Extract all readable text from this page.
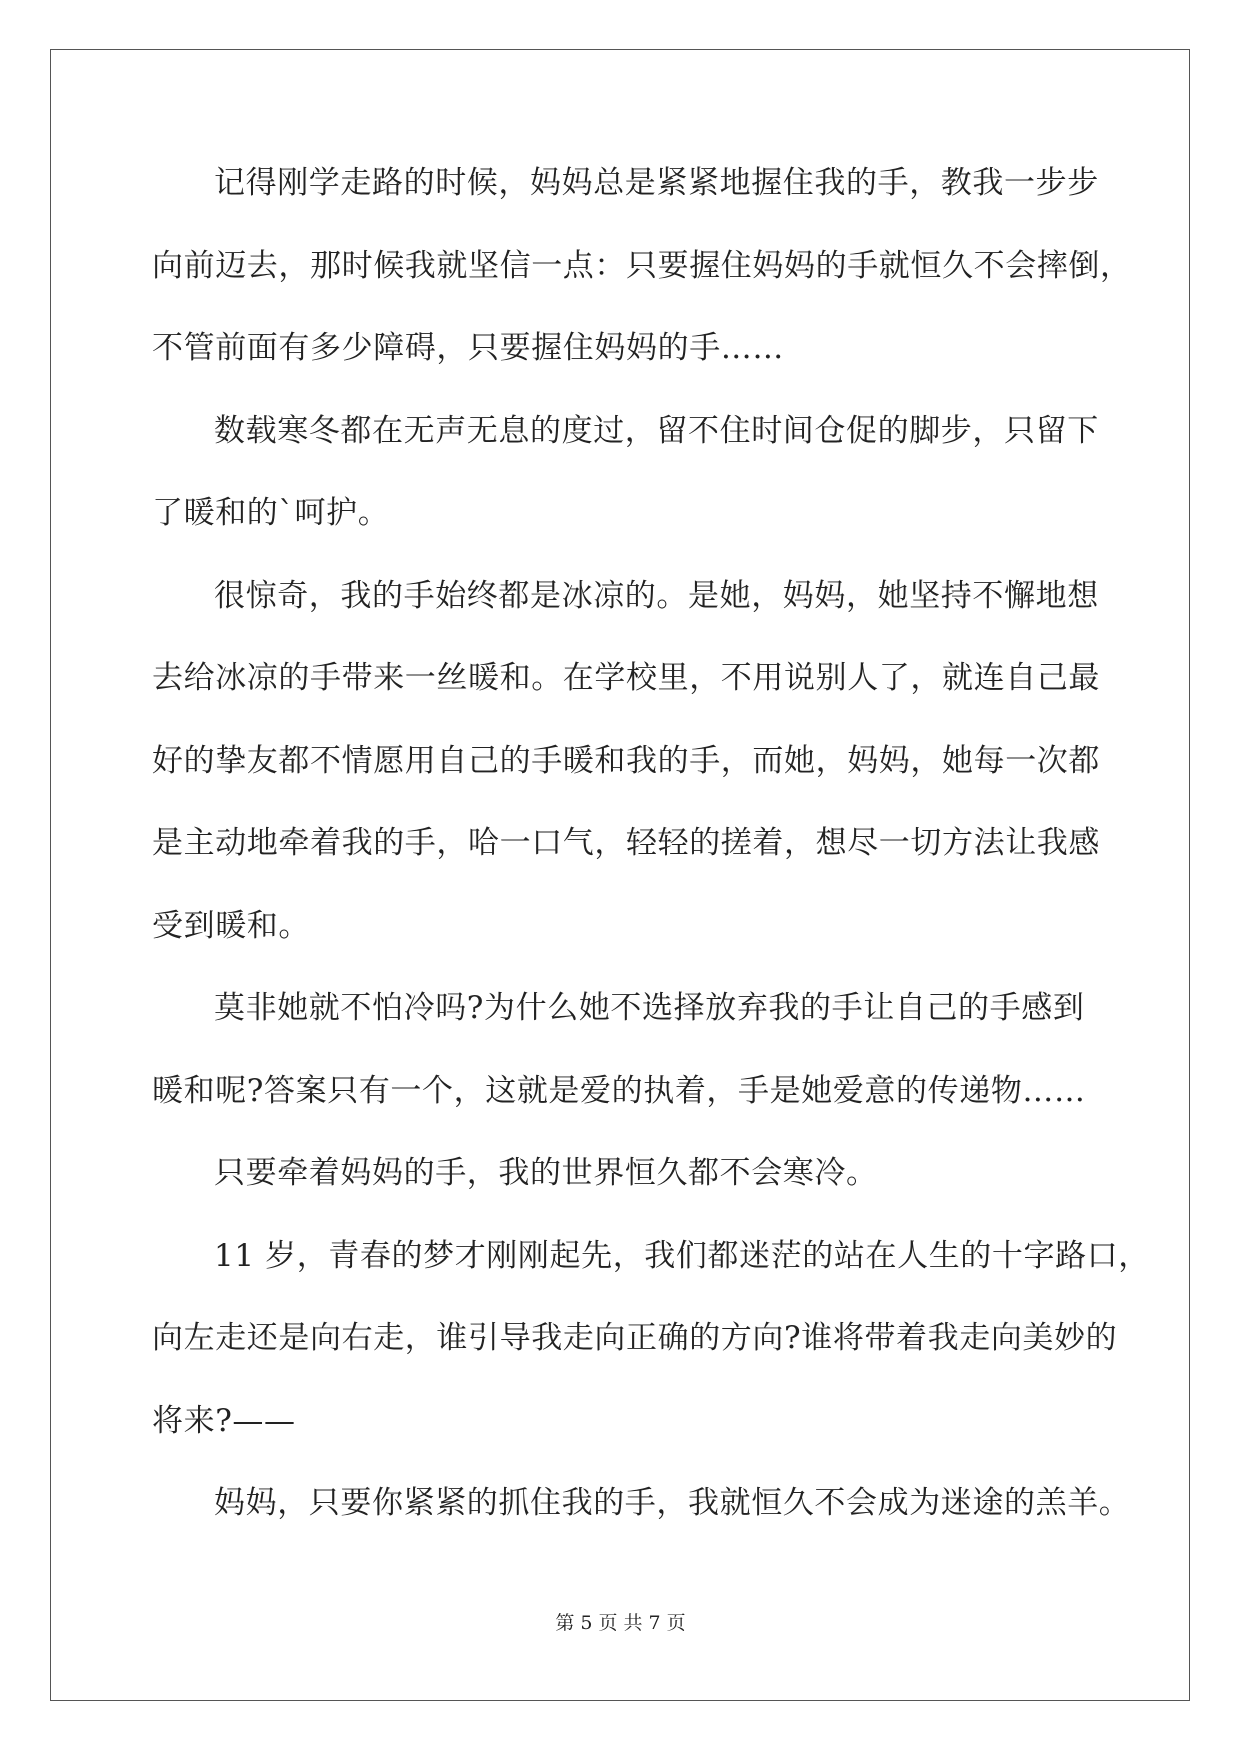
记得刚学走路的时候，妈妈总是紧紧地握住我的手，教我一步步
向前迈去，那时候我就坚信一点：只要握住妈妈的手就恒久不会摔倒，
不管前面有多少障碍，只要握住妈妈的手……
数载寒冬都在无声无息的度过，留不住时间仓促的脚步，只留下
了暖和的`呵护。
很惊奇，我的手始终都是冰凉的。是她，妈妈，她坚持不懈地想
去给冰凉的手带来一丝暖和。在学校里，不用说别人了，就连自己最
好的挚友都不情愿用自己的手暖和我的手，而她，妈妈，她每一次都
是主动地牵着我的手，哈一口气，轻轻的搓着，想尽一切方法让我感
受到暖和。
莫非她就不怕冷吗?为什么她不选择放弃我的手让自己的手感到
暖和呢?答案只有一个，这就是爱的执着，手是她爱意的传递物……
只要牵着妈妈的手，我的世界恒久都不会寒冷。
11 岁，青春的梦才刚刚起先，我们都迷茫的站在人生的十字路口，
向左走还是向右走，谁引导我走向正确的方向?谁将带着我走向美妙的
将来?——
妈妈，只要你紧紧的抓住我的手，我就恒久不会成为迷途的羔羊。
第 5 页 共 7 页
